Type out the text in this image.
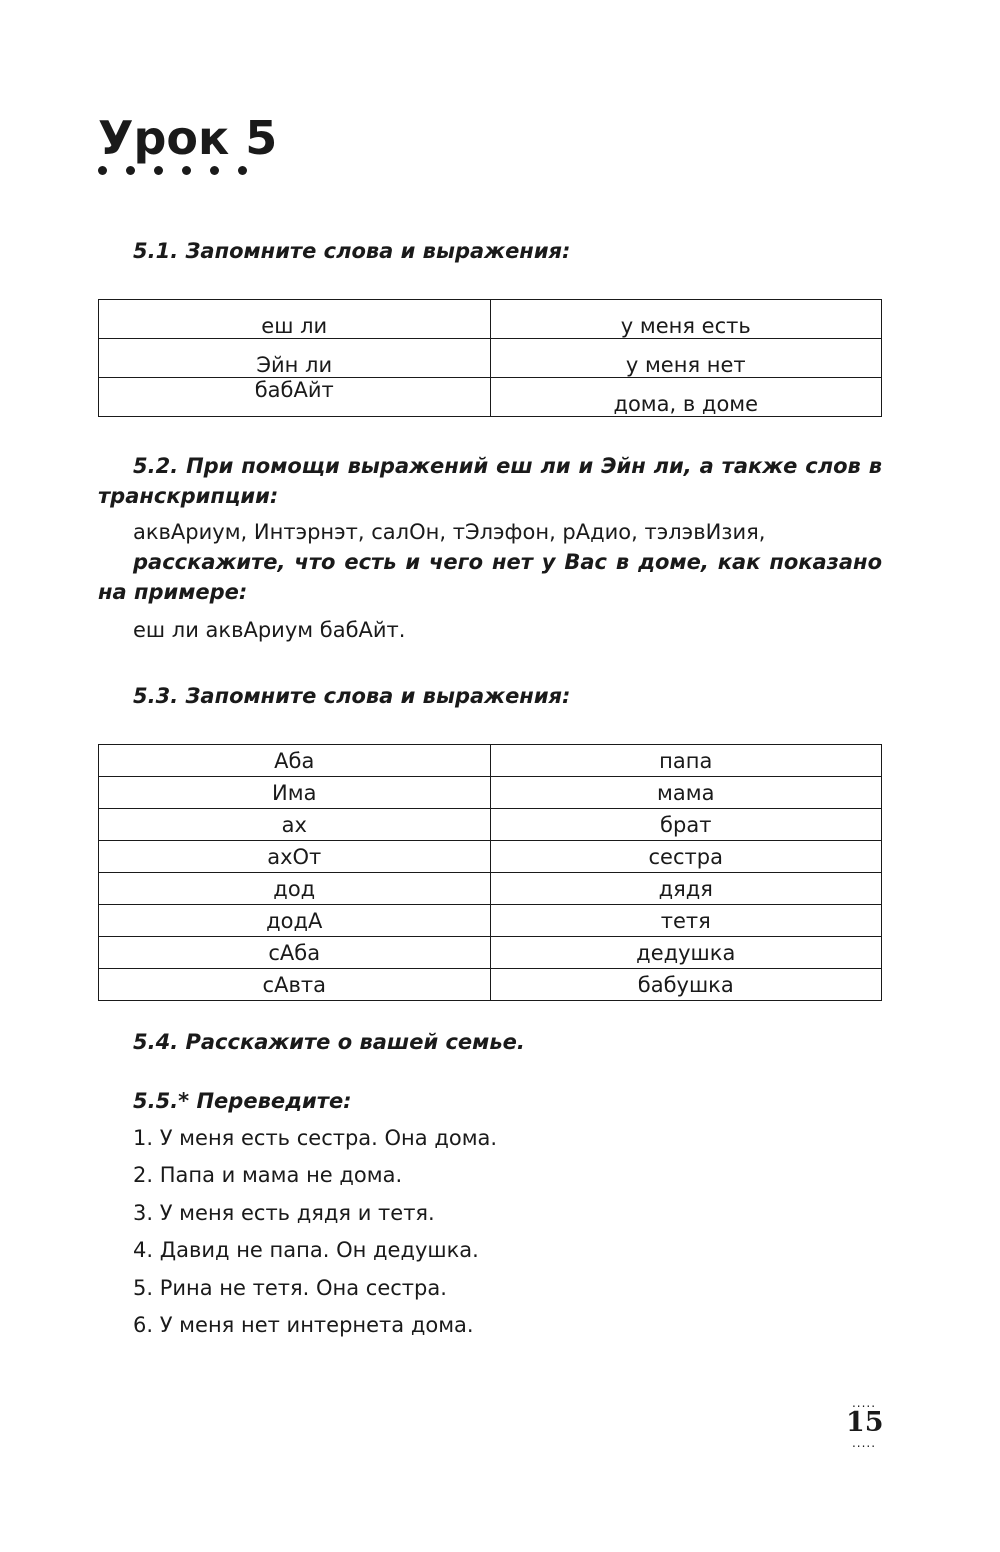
Урок 5

5.1. Запомните слова и выражения:

еш ли	у меня есть
Эйн ли	у меня нет
бабАйт	дома, в доме

5.2. При помощи выражений еш ли и Эйн ли, а также слов в транскрипции:

аквАриум, Интэрнэт, салОн, тЭлэфон, рАдио, тэлэвИзия,

расскажите, что есть и чего нет у Вас в доме, как показано на примере:

еш ли аквАриум бабАйт.

5.3. Запомните слова и выражения:

Аба	папа
Има	мама
ах	брат
ахОт	сестра
дод	дядя
додА	тетя
сАба	дедушка
сАвта	бабушка

5.4. Расскажите о вашей семье.

5.5.* Переведите:

1. У меня есть сестра. Она дома.
2. Папа и мама не дома.
3. У меня есть дядя и тетя.
4. Давид не папа. Он дедушка.
5. Рина не тетя. Она сестра.
6. У меня нет интернета дома.
.....
15
.....
